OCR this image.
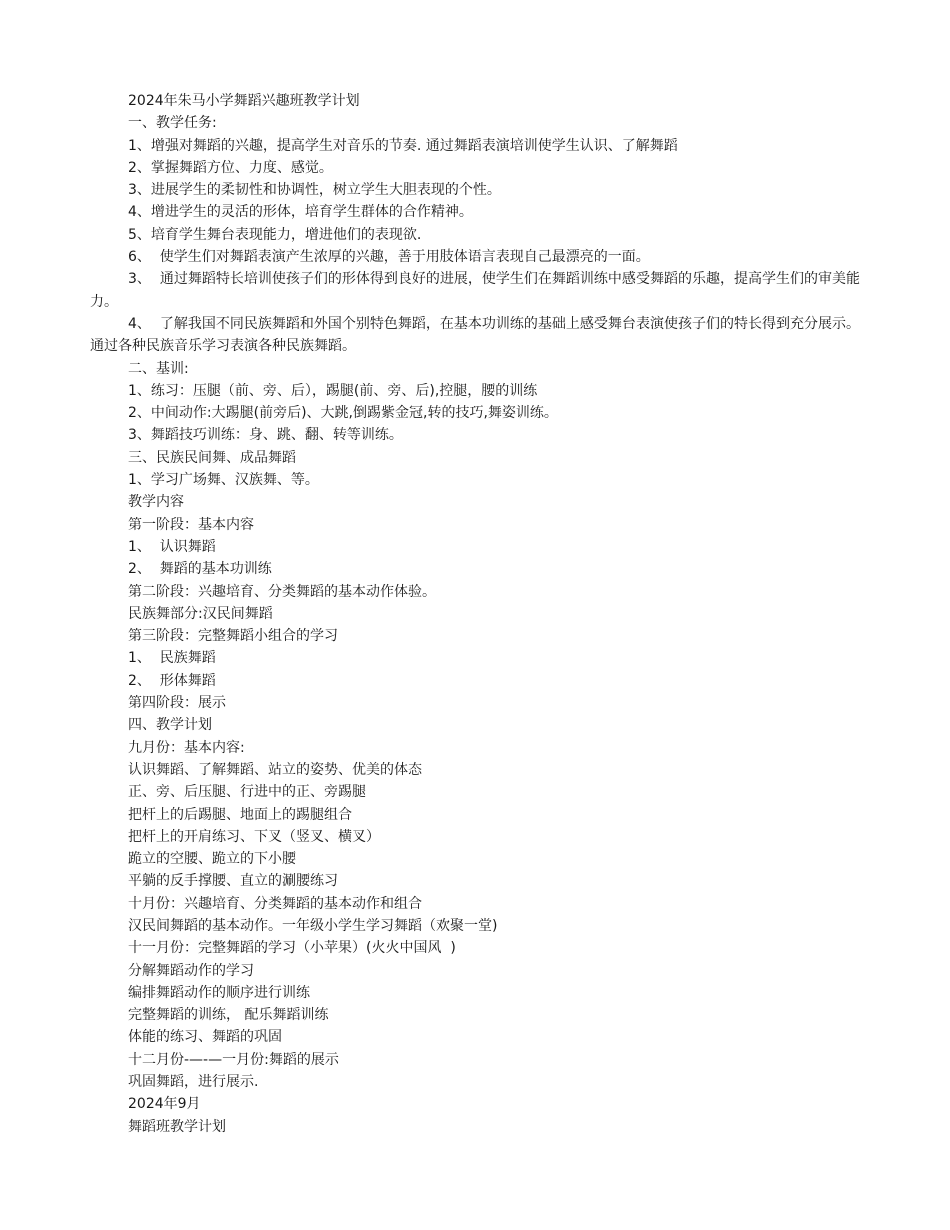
2024年朱马小学舞蹈兴趣班教学计划
一、教学任务:
1、增强对舞蹈的兴趣，提高学生对音乐的节奏. 通过舞蹈表演培训使学生认识、了解舞蹈
2、掌握舞蹈方位、力度、感觉。
3、进展学生的柔韧性和协调性，树立学生大胆表现的个性。
4、增进学生的灵活的形体，培育学生群体的合作精神。
5、培育学生舞台表现能力，增进他们的表现欲.
6、  使学生们对舞蹈表演产生浓厚的兴趣，善于用肢体语言表现自己最漂亮的一面。
3、  通过舞蹈特长培训使孩子们的形体得到良好的进展，使学生们在舞蹈训练中感受舞蹈的乐趣，提高学生们的审美能力。
4、  了解我国不同民族舞蹈和外国个别特色舞蹈，在基本功训练的基础上感受舞台表演使孩子们的特长得到充分展示。通过各种民族音乐学习表演各种民族舞蹈。
二、基训:
1、练习：压腿（前、旁、后），踢腿(前、旁、后),控腿，腰的训练
2、中间动作:大踢腿(前旁后)、大跳,倒踢紫金冠,转的技巧,舞姿训练。
3、舞蹈技巧训练：身、跳、翻、转等训练。
三、民族民间舞、成品舞蹈
1、学习广场舞、汉族舞、等。
教学内容
第一阶段：基本内容
1、  认识舞蹈
2、  舞蹈的基本功训练
第二阶段：兴趣培育、分类舞蹈的基本动作体验。
民族舞部分:汉民间舞蹈
第三阶段：完整舞蹈小组合的学习
1、  民族舞蹈
2、  形体舞蹈
第四阶段：展示
四、教学计划
九月份：基本内容:
认识舞蹈、了解舞蹈、站立的姿势、优美的体态
正、旁、后压腿、行进中的正、旁踢腿
把杆上的后踢腿、地面上的踢腿组合
把杆上的开肩练习、下叉（竖叉、横叉）
跪立的空腰、跪立的下小腰
平躺的反手撑腰、直立的涮腰练习
十月份：兴趣培育、分类舞蹈的基本动作和组合
汉民间舞蹈的基本动作。一年级小学生学习舞蹈（欢聚一堂)
十一月份：完整舞蹈的学习（小苹果）(火火中国风  )
分解舞蹈动作的学习
编排舞蹈动作的顺序进行训练
完整舞蹈的训练， 配乐舞蹈训练
体能的练习、舞蹈的巩固
十二月份-—-—一月份:舞蹈的展示
巩固舞蹈，进行展示.
2024年9月
舞蹈班教学计划
